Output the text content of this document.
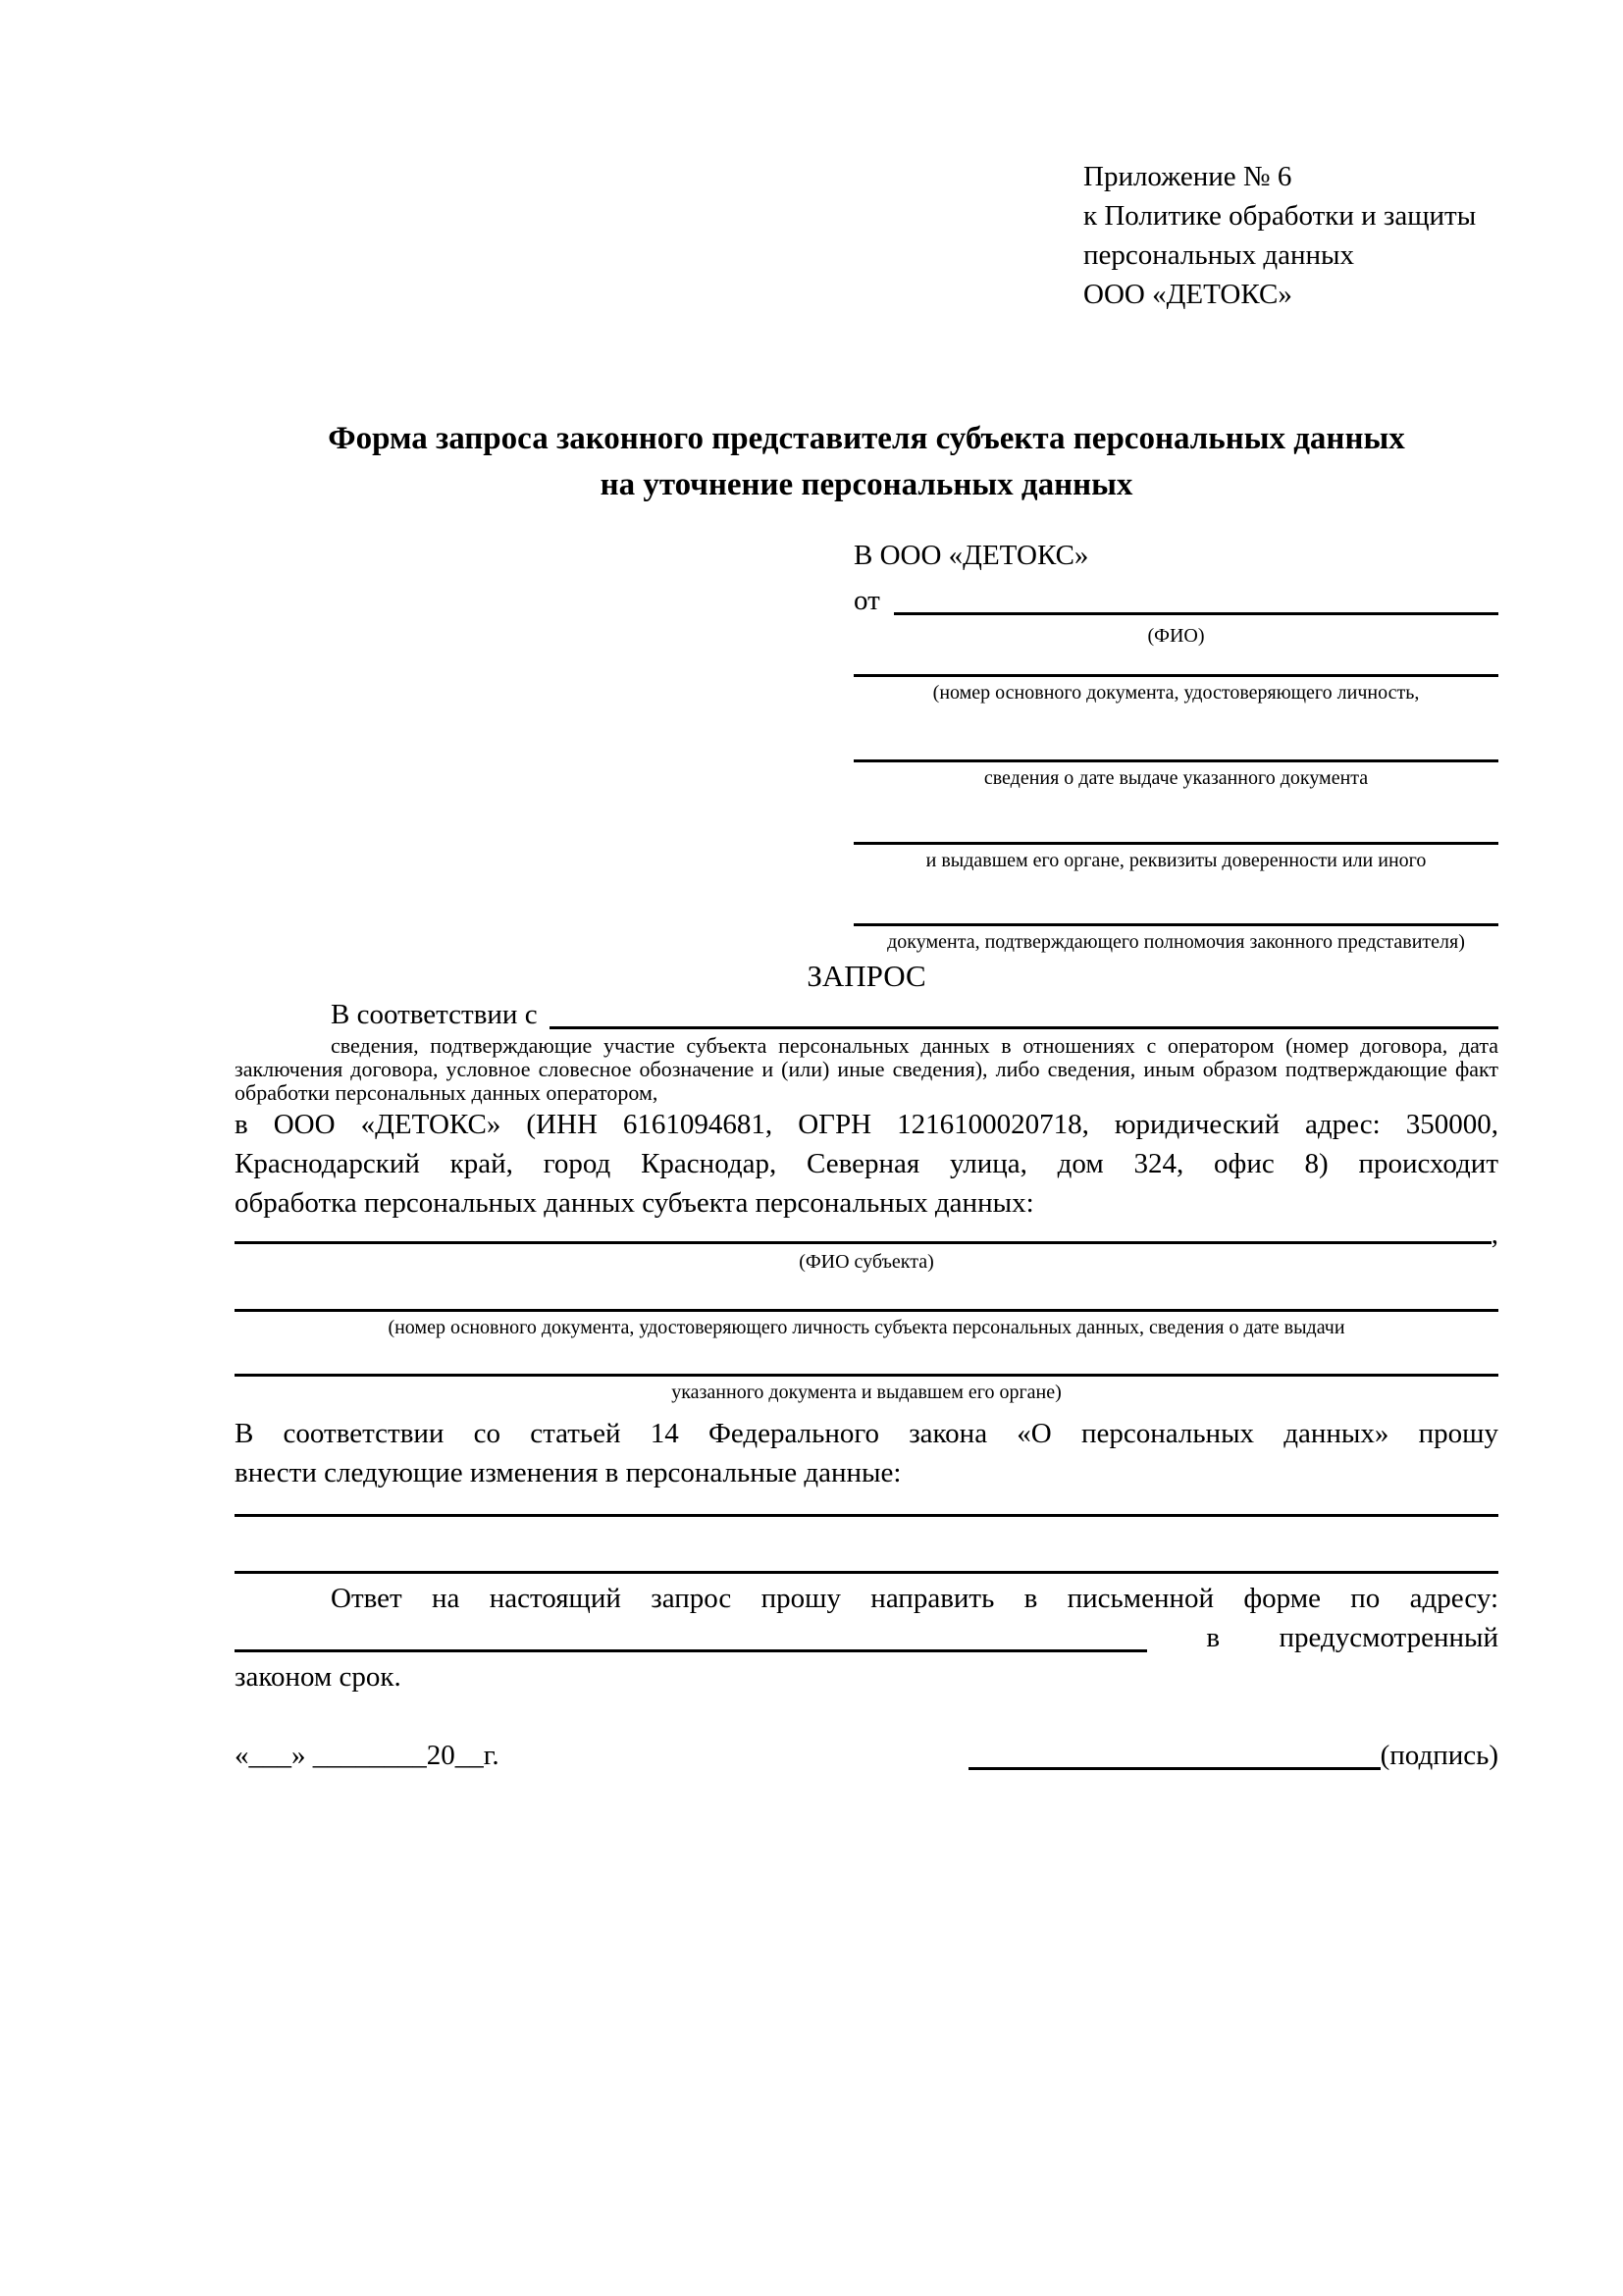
Приложение № 6
к Политике обработки и защиты
персональных данных
ООО «ДЕТОКС»
Форма запроса законного представителя субъекта персональных данных
на уточнение персональных данных
В ООО «ДЕТОКС»
от
(ФИО)
(номер основного документа, удостоверяющего личность,
сведения о дате выдаче указанного документа
и выдавшем его органе, реквизиты доверенности или иного
документа, подтверждающего полномочия законного представителя)
ЗАПРОС
В соответствии с
сведения, подтверждающие участие субъекта персональных данных в отношениях с оператором (номер договора, дата
заключения договора, условное словесное обозначение и (или) иные сведения), либо сведения, иным образом подтверждающие факт
обработки персональных данных оператором,
в ООО «ДЕТОКС» (ИНН 6161094681, ОГРН 1216100020718, юридический адрес: 350000,
Краснодарский край, город Краснодар, Северная улица, дом 324, офис 8) происходит
обработка персональных данных субъекта персональных данных:
,
(ФИО субъекта)
(номер основного документа, удостоверяющего личность субъекта персональных данных, сведения о дате выдачи
указанного документа и выдавшем его органе)
В соответствии со статьей 14 Федерального закона «О персональных данных» прошу
внести следующие изменения в персональные данные:
Ответ на настоящий запрос прошу направить в письменной форме по адресу:
в предусмотренный
законом срок.
«___» ________20__г.	(подпись)
